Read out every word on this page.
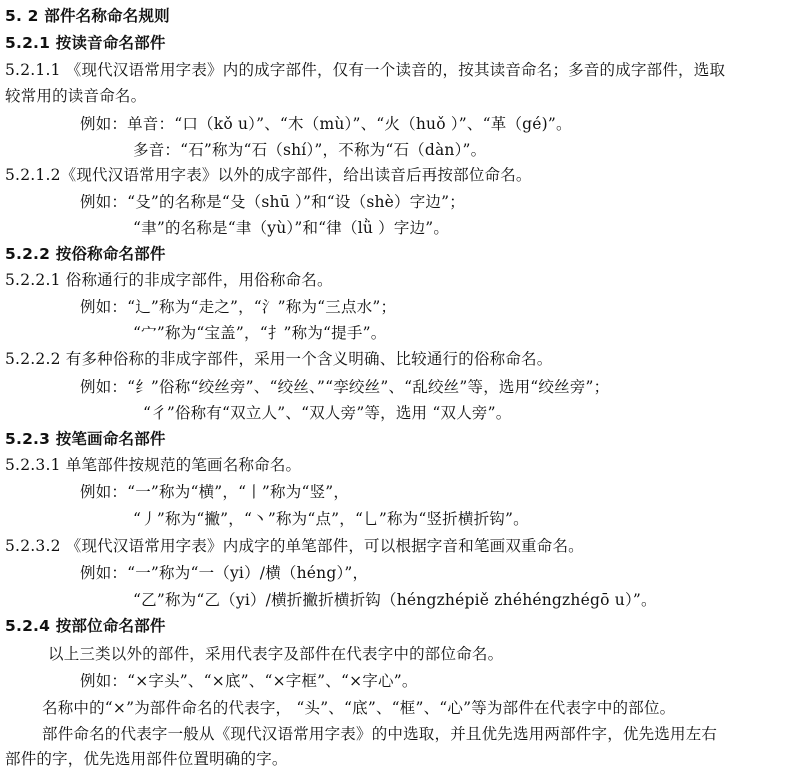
5. 2 部件名称命名规则
5.2.1 按读音命名部件
5.2.1.1 《现代汉语常用字表》内的成字部件，仅有一个读音的，按其读音命名；多音的成字部件，选取
较常用的读音命名。
例如：单音：“口（kǒ u）”、“木（mù）”、“火（huǒ ）”、“革（gé)”。
多音：“石”称为“石（shí）”，不称为“石（dàn）”。
5.2.1.2《现代汉语常用字表》以外的成字部件，给出读音后再按部位命名。
例如：“殳”的名称是“殳（shū ）”和“设（shè）字边”；
“聿”的名称是“聿（yù）”和“律（lǜ ）字边”。
5.2.2 按俗称命名部件
5.2.2.1 俗称通行的非成字部件，用俗称命名。
例如：“辶”称为“走之”，“氵”称为“三点水”；
“宀”称为“宝盖”，“扌”称为“提手”。
5.2.2.2 有多种俗称的非成字部件，采用一个含义明确、比较通行的俗称命名。
例如：“纟”俗称“绞丝旁”、“绞丝、”“孪绞丝”、“乱绞丝”等，选用“绞丝旁”；
“彳”俗称有“双立人”、“双人旁”等，选用 “双人旁”。
5.2.3 按笔画命名部件
5.2.3.1 单笔部件按规范的笔画名称命名。
例如：“一”称为“横”，“丨”称为“竖”，
“丿”称为“撇”，“丶”称为“点”，“乚”称为“竖折横折钩”。
5.2.3.2 《现代汉语常用字表》内成字的单笔部件，可以根据字音和笔画双重命名。
例如：“一”称为“一（yi）/横（héng）”，
“乙”称为“乙（yi）/横折撇折横折钩（héngzhépiě zhéhéngzhégō u）”。
5.2.4 按部位命名部件
以上三类以外的部件，采用代表字及部件在代表字中的部位命名。
例如：“×字头”、“×底”、“×字框”、“×字心”。
名称中的“×”为部件命名的代表字， “头”、“底”、“框”、“心”等为部件在代表字中的部位。
部件命名的代表字一般从《现代汉语常用字表》的中选取，并且优先选用两部件字，优先选用左右
部件的字，优先选用部件位置明确的字。
